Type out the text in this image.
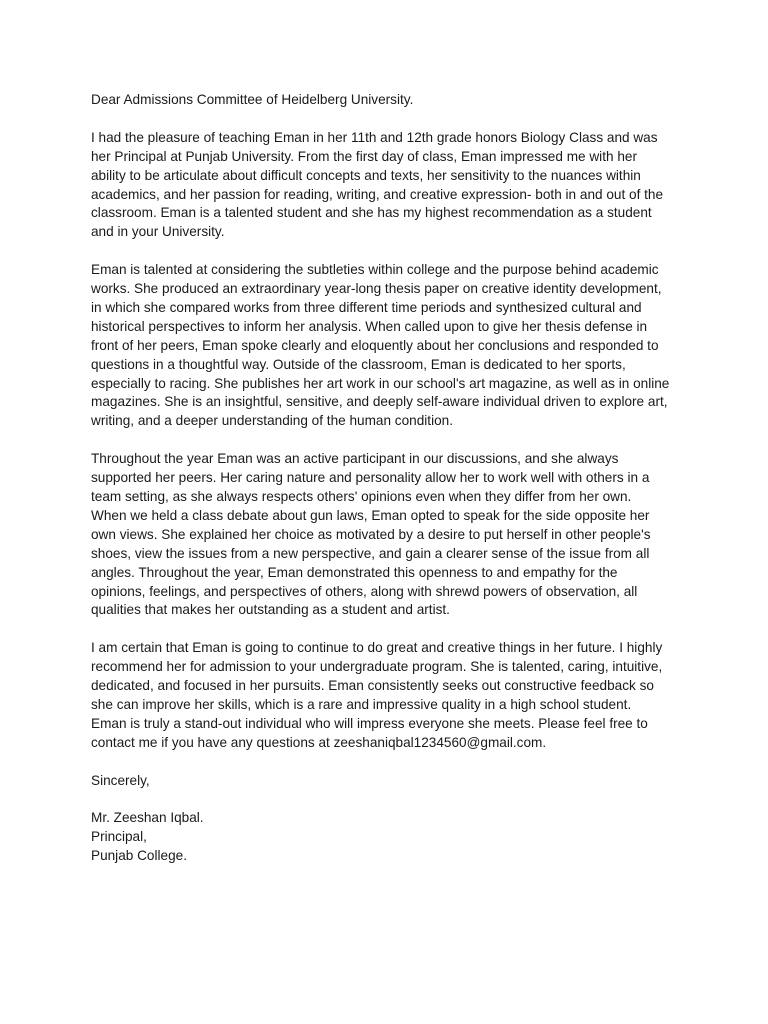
Dear Admissions Committee of Heidelberg University.
I had the pleasure of teaching Eman in her 11th and 12th grade honors Biology Class and was
her Principal at Punjab University. From the first day of class, Eman impressed me with her
ability to be articulate about difficult concepts and texts, her sensitivity to the nuances within
academics, and her passion for reading, writing, and creative expression- both in and out of the
classroom. Eman is a talented student and she has my highest recommendation as a student
and in your University.
Eman is talented at considering the subtleties within college and the purpose behind academic
works. She produced an extraordinary year-long thesis paper on creative identity development,
in which she compared works from three different time periods and synthesized cultural and
historical perspectives to inform her analysis. When called upon to give her thesis defense in
front of her peers, Eman spoke clearly and eloquently about her conclusions and responded to
questions in a thoughtful way. Outside of the classroom, Eman is dedicated to her sports,
especially to racing. She publishes her art work in our school's art magazine, as well as in online
magazines. She is an insightful, sensitive, and deeply self-aware individual driven to explore art,
writing, and a deeper understanding of the human condition.
Throughout the year Eman was an active participant in our discussions, and she always
supported her peers. Her caring nature and personality allow her to work well with others in a
team setting, as she always respects others' opinions even when they differ from her own.
When we held a class debate about gun laws, Eman opted to speak for the side opposite her
own views. She explained her choice as motivated by a desire to put herself in other people's
shoes, view the issues from a new perspective, and gain a clearer sense of the issue from all
angles. Throughout the year, Eman demonstrated this openness to and empathy for the
opinions, feelings, and perspectives of others, along with shrewd powers of observation, all
qualities that makes her outstanding as a student and artist.
I am certain that Eman is going to continue to do great and creative things in her future. I highly
recommend her for admission to your undergraduate program. She is talented, caring, intuitive,
dedicated, and focused in her pursuits. Eman consistently seeks out constructive feedback so
she can improve her skills, which is a rare and impressive quality in a high school student.
Eman is truly a stand-out individual who will impress everyone she meets. Please feel free to
contact me if you have any questions at zeeshaniqbal1234560@gmail.com.
Sincerely,
Mr. Zeeshan Iqbal.
Principal,
Punjab College.
